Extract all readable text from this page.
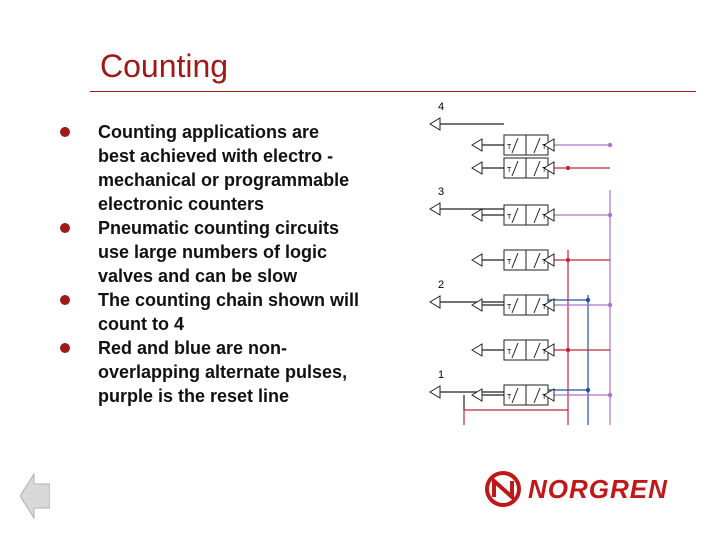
Counting
Counting applications are best achieved with electro -mechanical or programmable electronic counters
Pneumatic counting circuits use large numbers of logic valves and can be slow
The counting chain shown will count to 4
Red and blue are non-overlapping alternate pulses, purple is the reset line
T	T
T	T
T	T
T	T
T	T
T	T
T	T
4
3
2
1
NORGREN
